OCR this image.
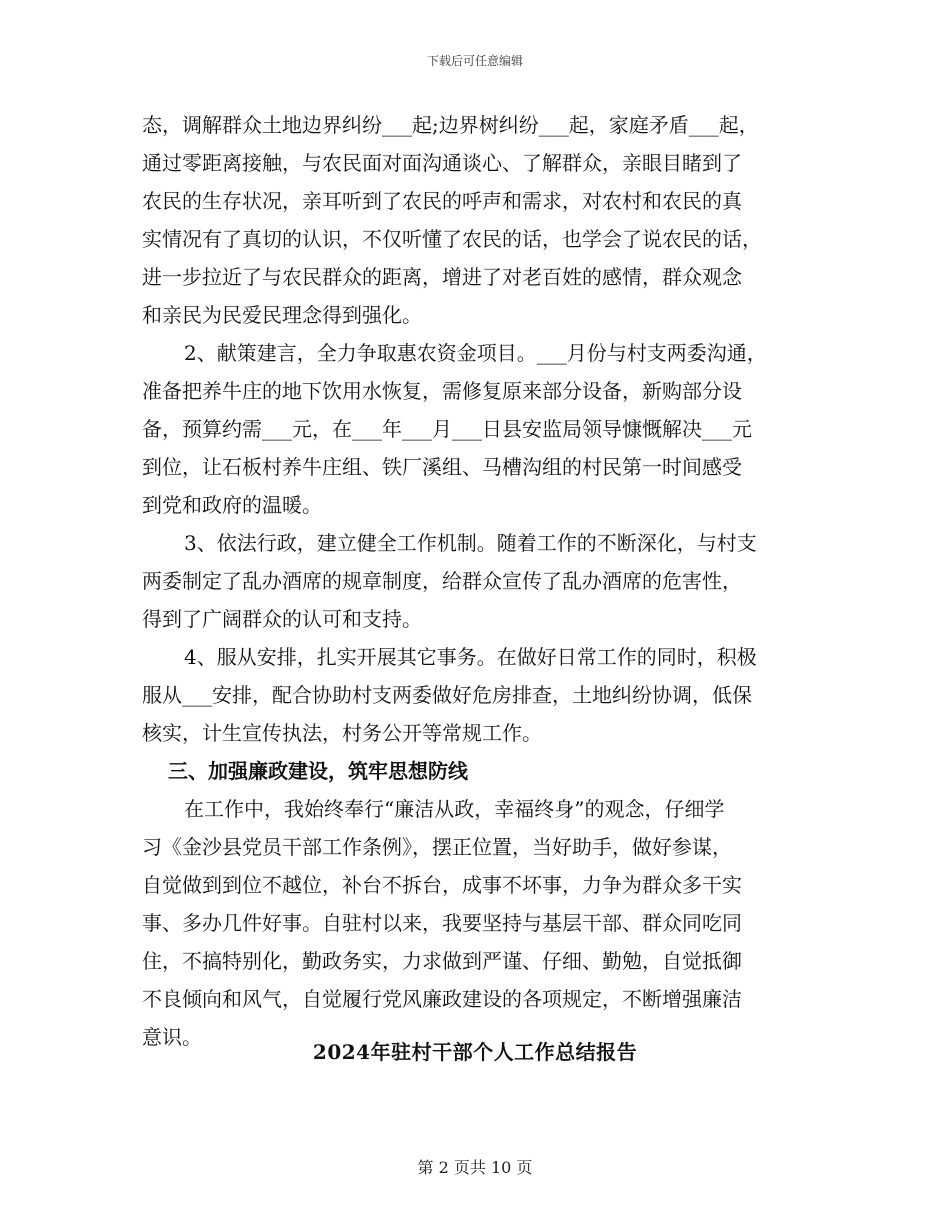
下载后可任意编辑

态，调解群众土地边界纠纷___起;边界树纠纷___起，家庭矛盾___起，
通过零距离接触，与农民面对面沟通谈心、了解群众，亲眼目睹到了
农民的生存状况，亲耳听到了农民的呼声和需求，对农村和农民的真
实情况有了真切的认识，不仅听懂了农民的话，也学会了说农民的话，
进一步拉近了与农民群众的距离，增进了对老百姓的感情，群众观念
和亲民为民爱民理念得到强化。

2、献策建言，全力争取惠农资金项目。___月份与村支两委沟通，
准备把养牛庄的地下饮用水恢复，需修复原来部分设备，新购部分设
备，预算约需___元，在___年___月___日县安监局领导慷慨解决___元
到位，让石板村养牛庄组、铁厂溪组、马槽沟组的村民第一时间感受
到党和政府的温暖。

3、依法行政，建立健全工作机制。随着工作的不断深化，与村支
两委制定了乱办酒席的规章制度，给群众宣传了乱办酒席的危害性，
得到了广阔群众的认可和支持。

4、服从安排，扎实开展其它事务。在做好日常工作的同时，积极
服从___安排，配合协助村支两委做好危房排查，土地纠纷协调，低保
核实，计生宣传执法，村务公开等常规工作。

三、加强廉政建设，筑牢思想防线

在工作中，我始终奉行“廉洁从政，幸福终身”的观念，仔细学
习《金沙县党员干部工作条例》，摆正位置，当好助手，做好参谋，
自觉做到到位不越位，补台不拆台，成事不坏事，力争为群众多干实
事、多办几件好事。自驻村以来，我要坚持与基层干部、群众同吃同
住，不搞特别化，勤政务实，力求做到严谨、仔细、勤勉，自觉抵御
不良倾向和风气，自觉履行党风廉政建设的各项规定，不断增强廉洁
意识。

2024年驻村干部个人工作总结报告
第 2 页共 10 页
